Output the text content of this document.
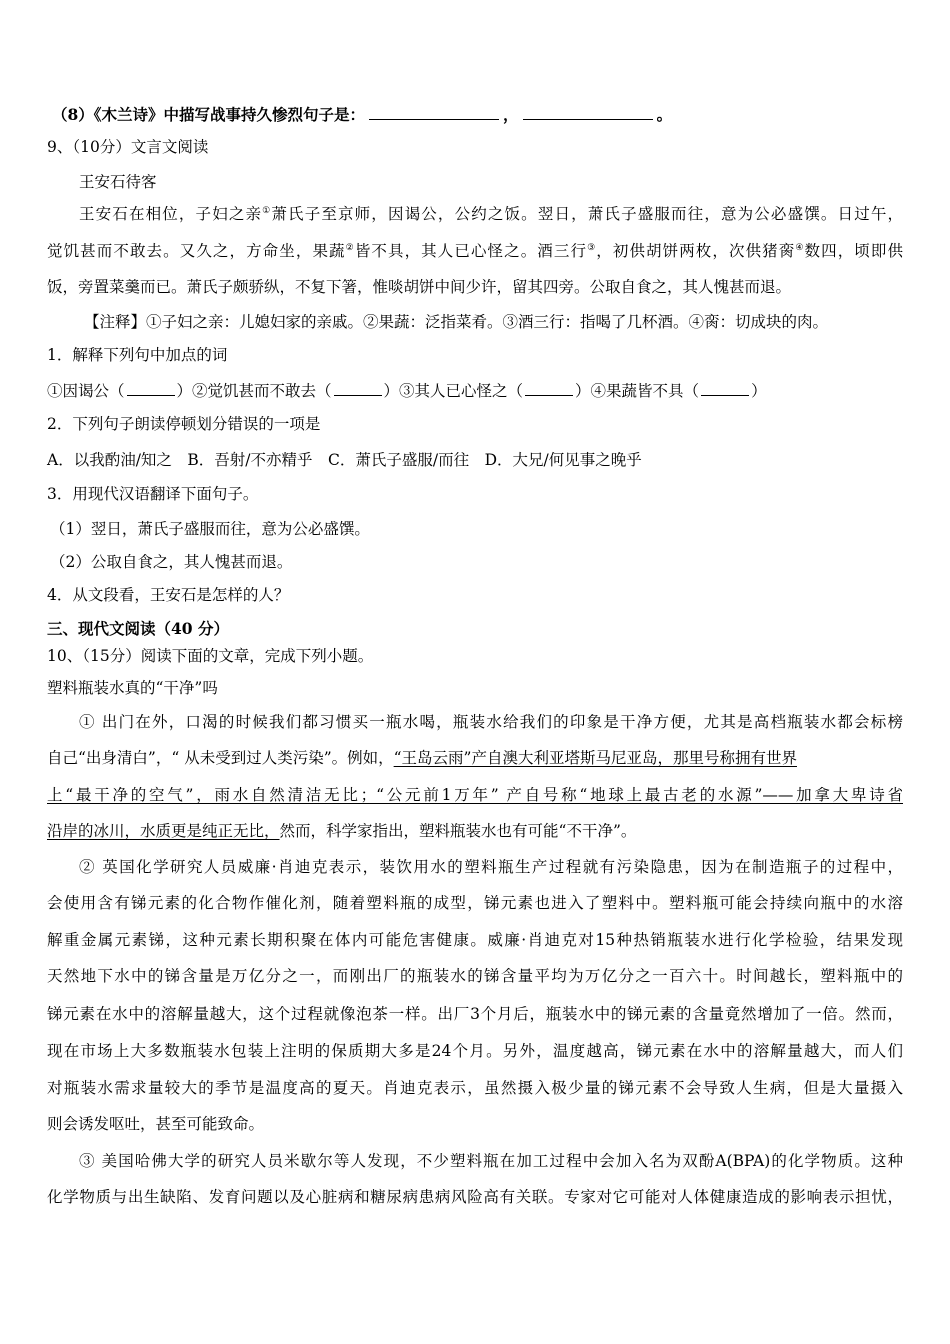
（8）《木兰诗》中描写战事持久惨烈句子是：	，	。
9、（10分）文言文阅读
王安石待客
王安石在相位，子妇之亲①萧氏子至京师，因谒公，公约之饭。翌日，萧氏子盛服而往，意为公必盛馔。日过午，
觉饥甚而不敢去。又久之，方命坐，果蔬②皆不具，其人已心怪之。酒三行③，初供胡饼两枚，次供猪脔④数四，顷即供
饭，旁置菜羹而已。萧氏子颇骄纵，不复下箸，惟啖胡饼中间少许，留其四旁。公取自食之，其人愧甚而退。
【注释】①子妇之亲：儿媳妇家的亲戚。②果蔬：泛指菜肴。③酒三行：指喝了几杯酒。④脔：切成块的肉。
1．解释下列句中加点的词
①因谒公（	）②觉饥甚而不敢去（	）③其人已心怪之（	）④果蔬皆不具（	）
2．下列句子朗读停顿划分错误的一项是
A．以我酌油/知之　B．吾射/不亦精乎　C．萧氏子盛服/而往　D．大兄/何见事之晚乎
3．用现代汉语翻译下面句子。
（1）翌日，萧氏子盛服而往，意为公必盛馔。
（2）公取自食之，其人愧甚而退。
4．从文段看，王安石是怎样的人？
三、现代文阅读（40 分）
10、（15分）阅读下面的文章，完成下列小题。
塑料瓶装水真的“干净”吗
① 出门在外，口渴的时候我们都习惯买一瓶水喝，瓶装水给我们的印象是干净方便，尤其是高档瓶装水都会标榜
自己“出身清白”，“ 从未受到过人类污染”。例如，“王岛云雨”产自澳大利亚塔斯马尼亚岛，那里号称拥有世界
上“最干净的空气”，雨水自然清洁无比；“公元前1万年” 产自号称“地球上最古老的水源”——加拿大卑诗省
沿岸的冰川，水质更是纯正无比，然而，科学家指出，塑料瓶装水也有可能“不干净”。
② 英国化学研究人员威廉·肖迪克表示，装饮用水的塑料瓶生产过程就有污染隐患，因为在制造瓶子的过程中，
会使用含有锑元素的化合物作催化剂，随着塑料瓶的成型，锑元素也进入了塑料中。塑料瓶可能会持续向瓶中的水溶
解重金属元素锑，这种元素长期积聚在体内可能危害健康。威廉·肖迪克对15种热销瓶装水进行化学检验，结果发现
天然地下水中的锑含量是万亿分之一，而刚出厂的瓶装水的锑含量平均为万亿分之一百六十。时间越长，塑料瓶中的
锑元素在水中的溶解量越大，这个过程就像泡茶一样。出厂3个月后，瓶装水中的锑元素的含量竟然增加了一倍。然而，
现在市场上大多数瓶装水包装上注明的保质期大多是24个月。另外，温度越高，锑元素在水中的溶解量越大，而人们
对瓶装水需求量较大的季节是温度高的夏天。肖迪克表示，虽然摄入极少量的锑元素不会导致人生病，但是大量摄入
则会诱发呕吐，甚至可能致命。
③ 美国哈佛大学的研究人员米歇尔等人发现，不少塑料瓶在加工过程中会加入名为双酚A(BPA)的化学物质。这种
化学物质与出生缺陷、发育问题以及心脏病和糖尿病患病风险高有关联。专家对它可能对人体健康造成的影响表示担忧，
